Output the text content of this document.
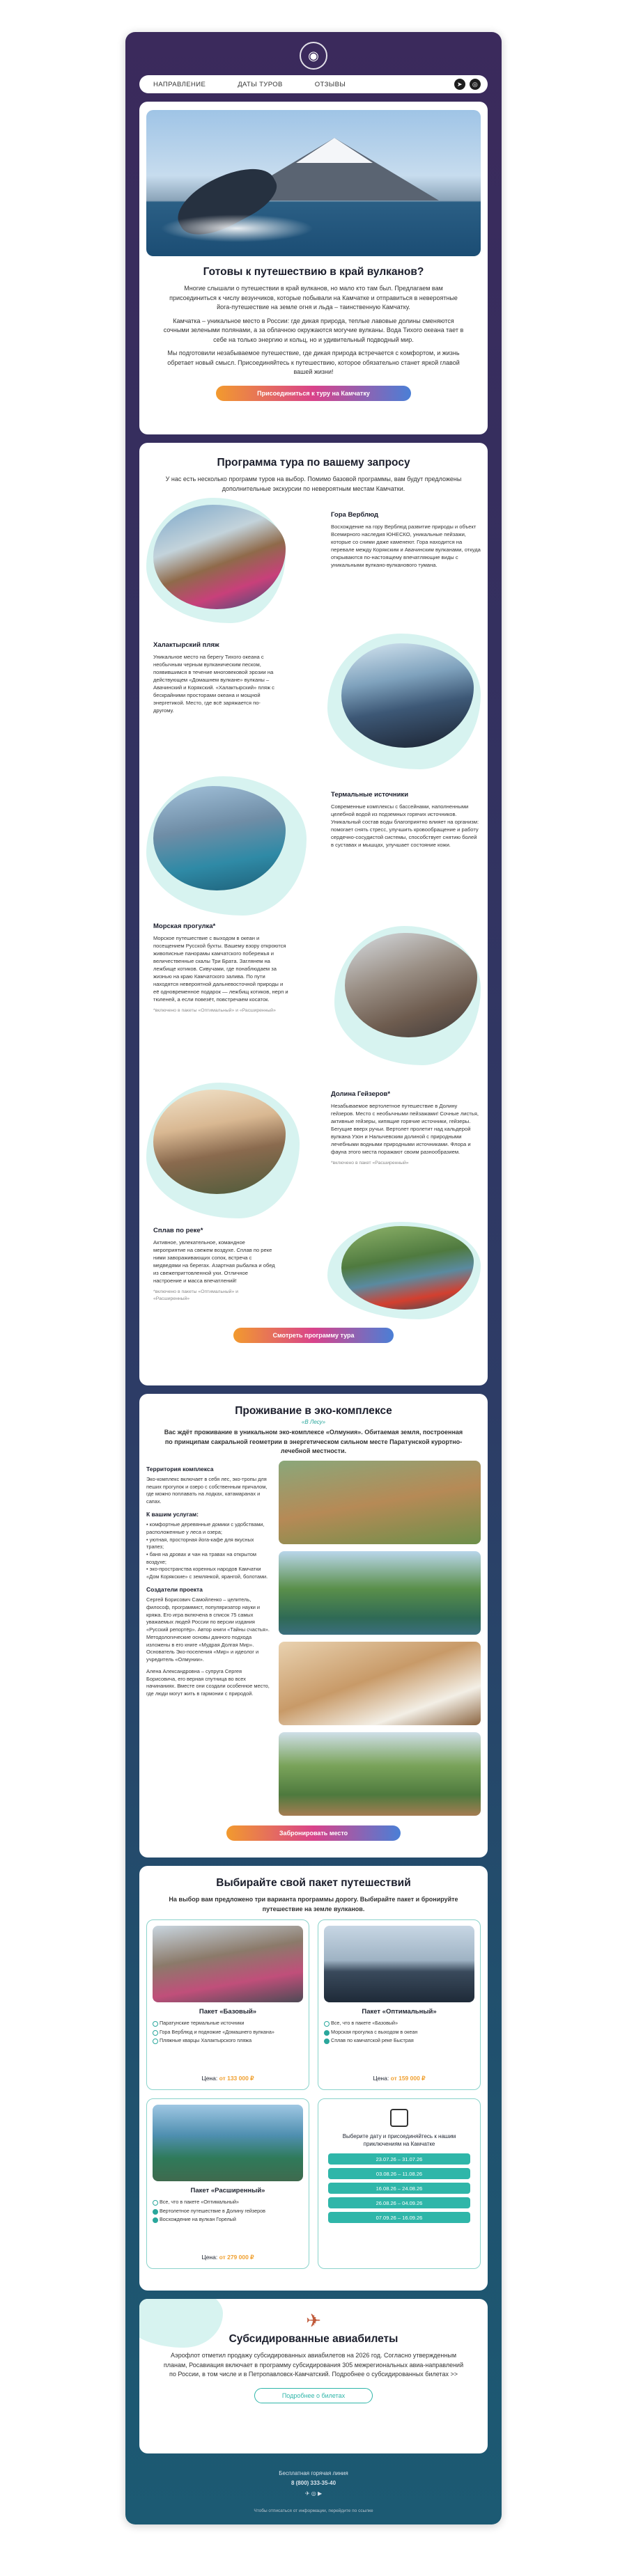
◉
НАПРАВЛЕНИЕ	ДАТЫ ТУРОВ	ОТЗЫВЫ	➤	◎
Готовы к путешествию в край вулканов?

Многие слышали о путешествии в край вулканов, но мало кто там был. Предлагаем вам присоединиться к числу везунчиков, которые побывали на Камчатке и отправиться в невероятные йога-путешествие на земле огня и льда – таинственную Камчатку.

Камчатка – уникальное место в России: где дикая природа, теплые лавовые долины сменяются сочными зелеными полянами, а за облачною окружаются могучие вулканы. Вода Тихого океана тает в себе на только энергию и кольц, но и удивительный подводный мир.

Мы подготовили незабываемое путешествие, где дикая природа встречается с комфортом, и жизнь обретает новый смысл. Присоединяйтесь к путешествию, которое обязательно станет яркой главой вашей жизни!

Присоединиться к туру на Камчатку
Программа тура по вашему запросу

У нас есть несколько программ туров на выбор. Помимо базовой программы, вам будут предложены дополнительные экскурсии по невероятным местам Камчатки.

Гора Верблюд
Восхождение на гору Верблюд развитие природы и объект Всемирного наследия ЮНЕСКО, уникальные пейзажи, которые со сними даже каменеют. Гора находится на перевале между Корякским и Авачинским вулканами, откуда открываются по-настоящему впечатляющие виды с уникальными вулкано-вулканового тумана.
Халактырский пляж
Уникальное место на берегу Тихого океана с необычным черным вулканическим песком, появившимся в течение многовековой эрозии на действующем «Домашнем вулкане» вулканы – Авачинский и Корякский. «Халактырский» пляж с бескрайними просторами океана и мощной энергетикой. Место, где всё заряжается по-другому.
Термальные источники
Современные комплексы с бассейнами, наполненными целебной водой из подземных горячих источников. Уникальный состав воды благоприятно влияет на организм: помогает снять стресс, улучшить кровообращение и работу сердечно-сосудистой системы, способствует снятию болей в суставах и мышцах, улучшает состояние кожи.
Морская прогулка*
Морское путешествие с выходом в океан и посещением Русской бухты. Вашему взору откроются живописные панорамы камчатского побережья и величественные скалы Три Брата. Заглянем на лежбище котиков. Сивучами, где понаблюдаем за жизнью на краю Камчатского залива. По пути находятся невероятной дальневосточной природы и её одновременное подарок — лежбищ котиков, нерп и тюленей, а если повезёт, повстречаем косаток.
*включено в пакеты «Оптимальный» и «Расширенный»
Долина Гейзеров*
Незабываемое вертолетное путешествие в Долину гейзеров. Место с необычными пейзажами! Сочные листья, активные гейзеры, кипящие горячие источники, гейзеры. Бегущие вверх ручьи. Вертолет пролетит над кальдерой вулкана Узон и Налычевским долиной с природными лечебными водными природными источниками. Флора и фауна этого места поражают своим разнообразием.
*включено в пакет «Расширенный»
Сплав по реке*
Активное, увлекательное, командное мероприятие на свежем воздухе. Сплав по реке ними завораживающих сопок, встреча с медведями на берегах. Азартная рыбалка и обед из свежепригтовленной ухи. Отличное настроение и масса впечатлений!
*включено в пакеты «Оптимальный» и «Расширенный»
Смотреть программу тура
Проживание в эко-комплексе
«В Лесу»

Вас ждёт проживание в уникальном эко-комплексе «Олмуния». Обитаемая земля, построенная по принципам сакральной геометрии в энергетическом сильном месте Паратунской курортно-лечебной местности.

Территория комплекса
Эко-комплекс включает в себя лес, эко-тропы для пеших прогулок и озеро с собственным причалом, где можно поплавать на лодках, катамаранах и сапах.
К вашим услугам:
• комфортные деревянные домики с удобствами, расположенные у леса и озера;
• уютная, просторная йога-кафе для вкусных трапез;
• баня на дровах и чан на травах на открытом воздухе;
• эко-пространства коренных народов Камчатки «Дом Корякские» с землянкой, ярангой, болотами.
Создатели проекта
Сергей Борисович Самойленко – целитель, философ, программист, популяризатор науки и кряжа. Его игра включена в список 75 самых уважаемых людей России по версии издания «Русский репортёр». Автор книги «Тайны счастья». Методологические основы данного подхода изложены в его книге «Мудрая Долгая Мир». Основатель Эко-поселения «Мир» и идеолог и учредитель «Олмунии».
Алена Александровна – супруга Сергея Борисовича, его верная спутница во всех начинаниях. Вместе они создали особенное место, где люди могут жить в гармонии с природой.
Забронировать место
Выбирайте свой пакет путешествий

На выбор вам предложено три варианта программы дорогу. Выбирайте пакет и бронируйте путешествие на земле вулканов.

Пакет «Базовый»
Паратунские термальные источники
Гора Верблюд и подножие «Домашнего вулкана»
Пляжные кварцы Халактырского пляжа
Цена: от 133 000 ₽
Пакет «Оптимальный»
Все, что в пакете «Базовый»
Морская прогулка с выходом в океан
Сплав по камчатской реке Быстрая
Цена: от 159 000 ₽
Пакет «Расширенный»
Все, что в пакете «Оптимальный»
Вертолетное путешествие в Долину гейзеров
Восхождение на вулкан Горелый
Цена: от 279 000 ₽
Выберите дату и присоединяйтесь к нашим приключениям на Камчатке
23.07.26 – 31.07.26
03.08.26 – 11.08.26
16.08.26 – 24.08.26
26.08.26 – 04.09.26
07.09.26 – 16.09.26
✈
Субсидированные авиабилеты

Аэрофлот отметил продажу субсидированных авиабилетов на 2026 год. Согласно утвержденным планам, Росавиация включает в программу субсидирования 305 межрегиональных авиа-направлений по России, в том числе и в Петропавловск-Камчатский. Подробнее о субсидированных билетах >>

Подробнее о билетах
Бесплатная горячая линия
8 (800) 333-35-40
✈ ◎ ▶
Чтобы отписаться от информации, перейдите по ссылке
